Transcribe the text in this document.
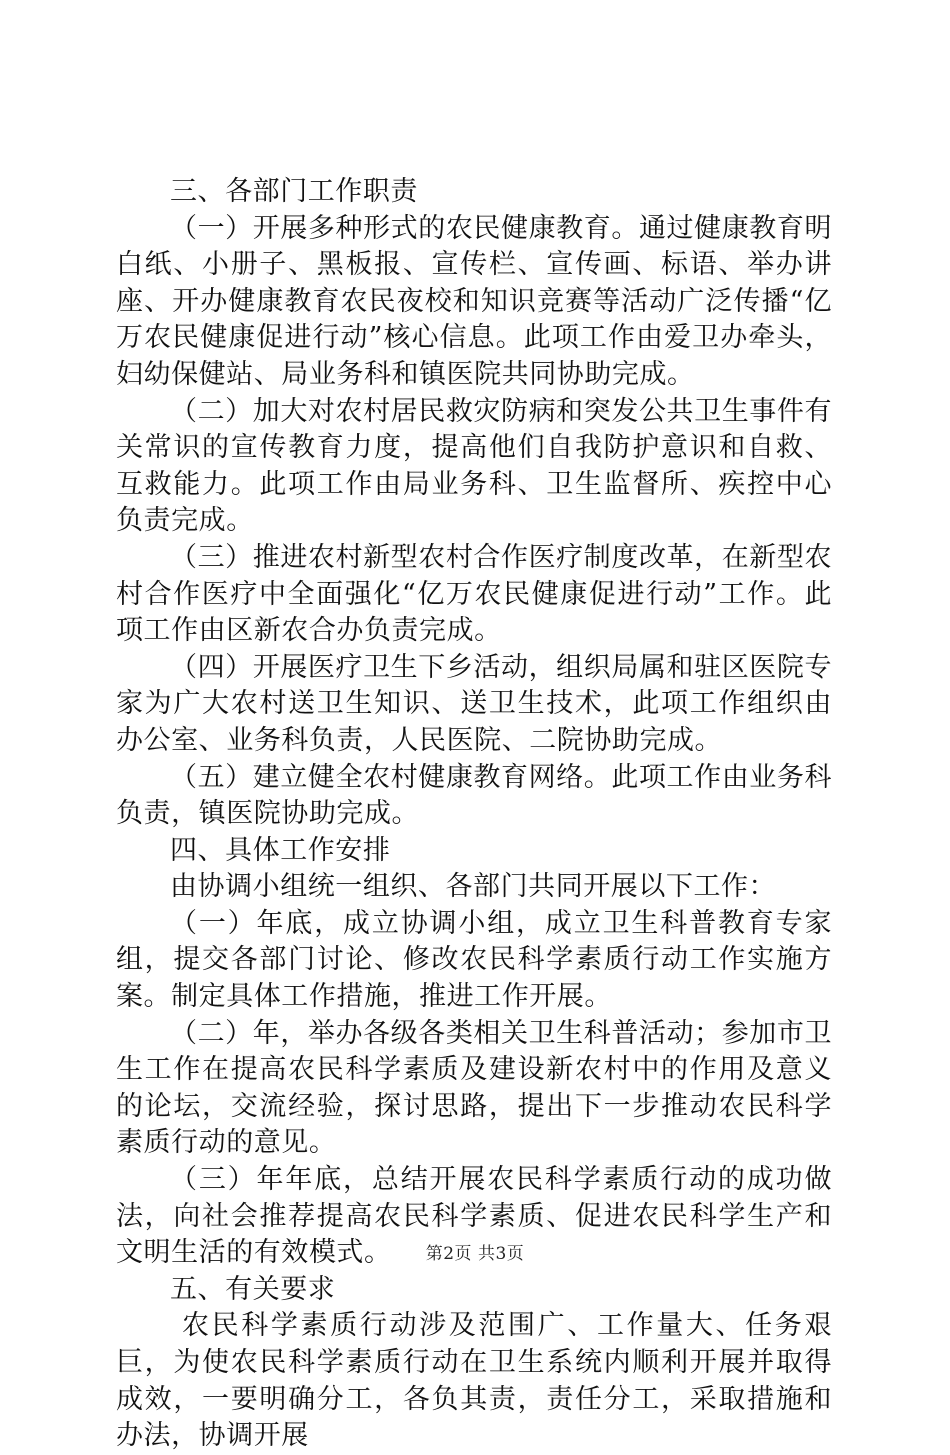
三、各部门工作职责

（一）开展多种形式的农民健康教育。通过健康教育明白纸、小册子、黑板报、宣传栏、宣传画、标语、举办讲座、开办健康教育农民夜校和知识竞赛等活动广泛传播“亿万农民健康促进行动”核心信息。此项工作由爱卫办牵头，妇幼保健站、局业务科和镇医院共同协助完成。

（二）加大对农村居民救灾防病和突发公共卫生事件有关常识的宣传教育力度，提高他们自我防护意识和自救、互救能力。此项工作由局业务科、卫生监督所、疾控中心负责完成。

（三）推进农村新型农村合作医疗制度改革，在新型农村合作医疗中全面强化“亿万农民健康促进行动”工作。此项工作由区新农合办负责完成。

（四）开展医疗卫生下乡活动，组织局属和驻区医院专家为广大农村送卫生知识、送卫生技术，此项工作组织由办公室、业务科负责，人民医院、二院协助完成。

（五）建立健全农村健康教育网络。此项工作由业务科负责，镇医院协助完成。

四、具体工作安排

由协调小组统一组织、各部门共同开展以下工作：

（一）年底，成立协调小组，成立卫生科普教育专家组，提交各部门讨论、修改农民科学素质行动工作实施方案。制定具体工作措施，推进工作开展。

（二）年，举办各级各类相关卫生科普活动；参加市卫生工作在提高农民科学素质及建设新农村中的作用及意义的论坛，交流经验，探讨思路，提出下一步推动农民科学素质行动的意见。

（三）年年底，总结开展农民科学素质行动的成功做法，向社会推荐提高农民科学素质、促进农民科学生产和文明生活的有效模式。

五、有关要求

农民科学素质行动涉及范围广、工作量大、任务艰巨，为使农民科学素质行动在卫生系统内顺利开展并取得成效，一要明确分工，各负其责，责任分工，采取措施和办法，协调开展

第2页 共3页
